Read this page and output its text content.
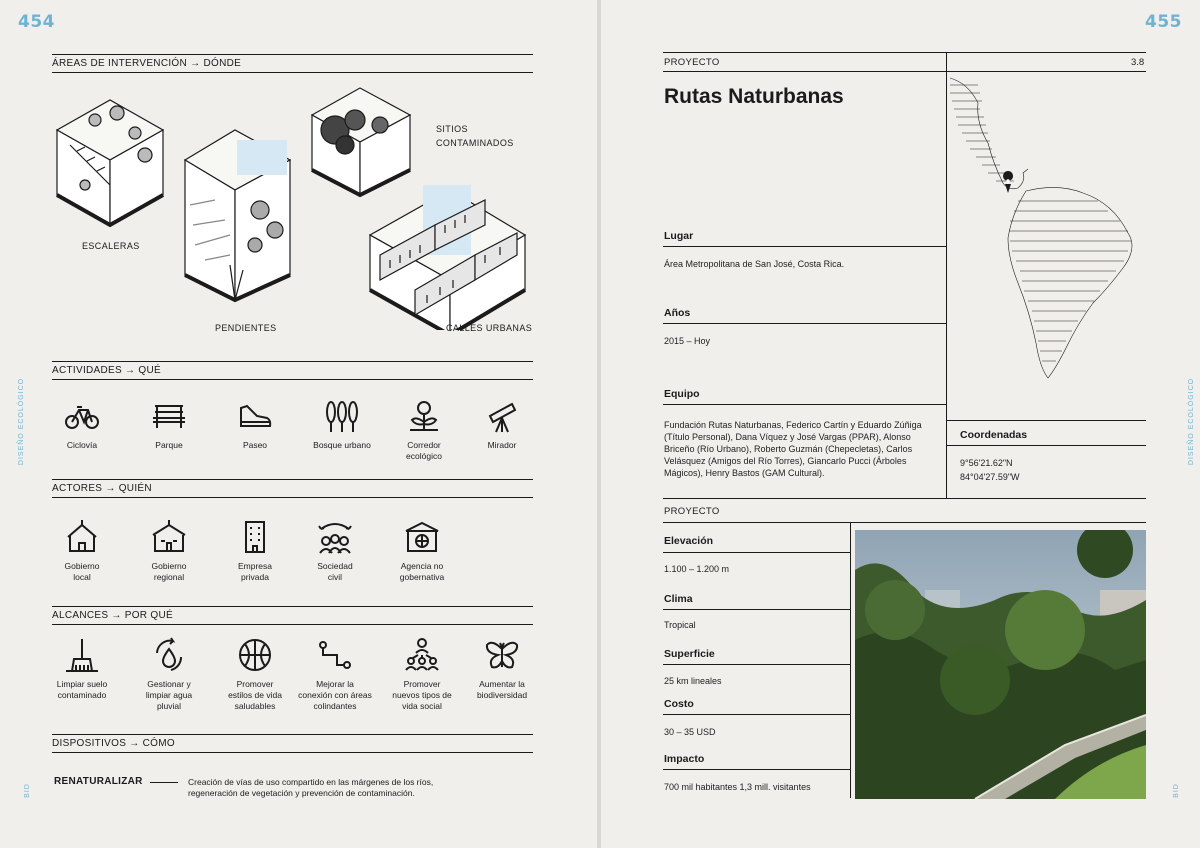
454
DISEÑO ECOLÓGICO
BID
ÁREAS DE INTERVENCIÓN → DÓNDE
ESCALERAS
PENDIENTES
SITIOS CONTAMINADOS
CALLES URBANAS
ACTIVIDADES → QUÉ
Ciclovía	Parque	Paseo	Bosque urbano	Corredor ecológico
Mirador
ACTORES → QUIÉN
Gobierno local
Gobierno regional
Empresa privada
Sociedad civil
Agencia no gobernativa
ALCANCES → POR QUÉ
Limpiar suelo contaminado
Gestionar y limpiar agua pluvial
Promover estilos de vida saludables
Mejorar la conexión con áreas colindantes
Promover nuevos tipos de vida social
Aumentar la biodiversidad
DISPOSITIVOS → CÓMO
RENATURALIZAR	Creación de vías de uso compartido en las márgenes de los ríos, regeneración de vegetación y prevención de contaminación.
455
DISEÑO ECOLÓGICO
BID
PROYECTO	3.8
Rutas Naturbanas
Lugar
Área Metropolitana de San José, Costa Rica.
Años
2015 – Hoy
Equipo
Fundación Rutas Naturbanas, Federico Cartín y Eduardo Zúñiga (Título Personal), Dana Víquez y José Vargas (PPAR), Alonso Briceño (Río Urbano), Roberto Guzmán (Chepecletas), Carlos Velásquez (Amigos del Río Torres), Giancarlo Pucci (Árboles Mágicos), Henry Bastos (GAM Cultural).
Coordenadas
9°56'21.62"N
84°04'27.59"W
PROYECTO
Elevación
1.100 – 1.200 m
Clima
Tropical
Superficie
25 km lineales
Costo
30 – 35 USD
Impacto
700 mil habitantes 1,3 mill. visitantes
